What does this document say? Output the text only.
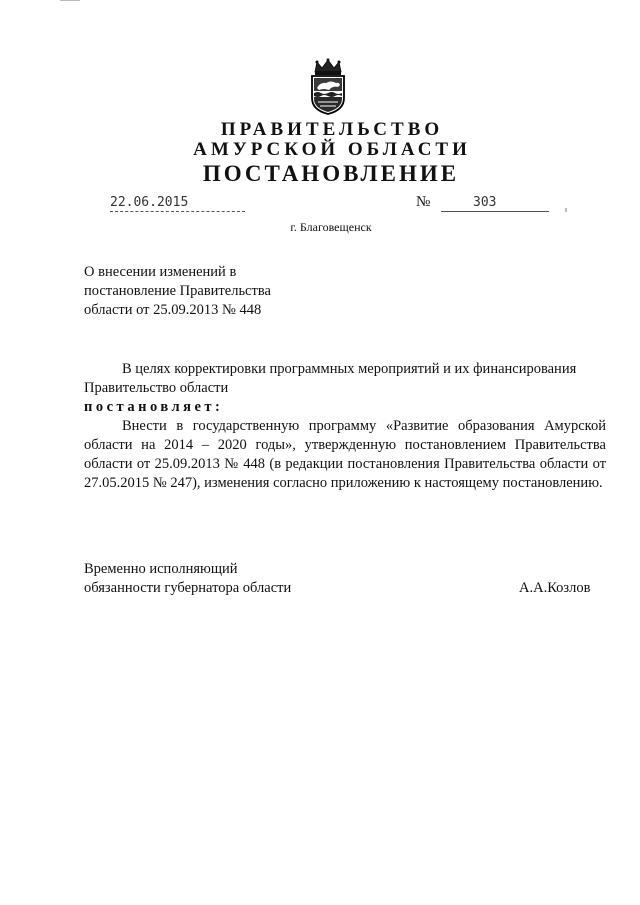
ПРАВИТЕЛЬСТВО
АМУРСКОЙ ОБЛАСТИ
ПОСТАНОВЛЕНИЕ
22.06.2015	№	303
г. Благовещенск
О внесении изменений в
постановление Правительства
области от 25.09.2013 № 448

В целях корректировки программных мероприятий и их финансирования

Правительство области

постановляет:

Внести в государственную программу «Развитие образования Амурской области на 2014 – 2020 годы», утвержденную постановлением Правительства области от 25.09.2013 № 448 (в редакции постановления Правительства области от 27.05.2015 № 247), изменения согласно приложению к настоящему постановлению.

Временно исполняющий
обязанности губернатора области	А.А.Козлов
